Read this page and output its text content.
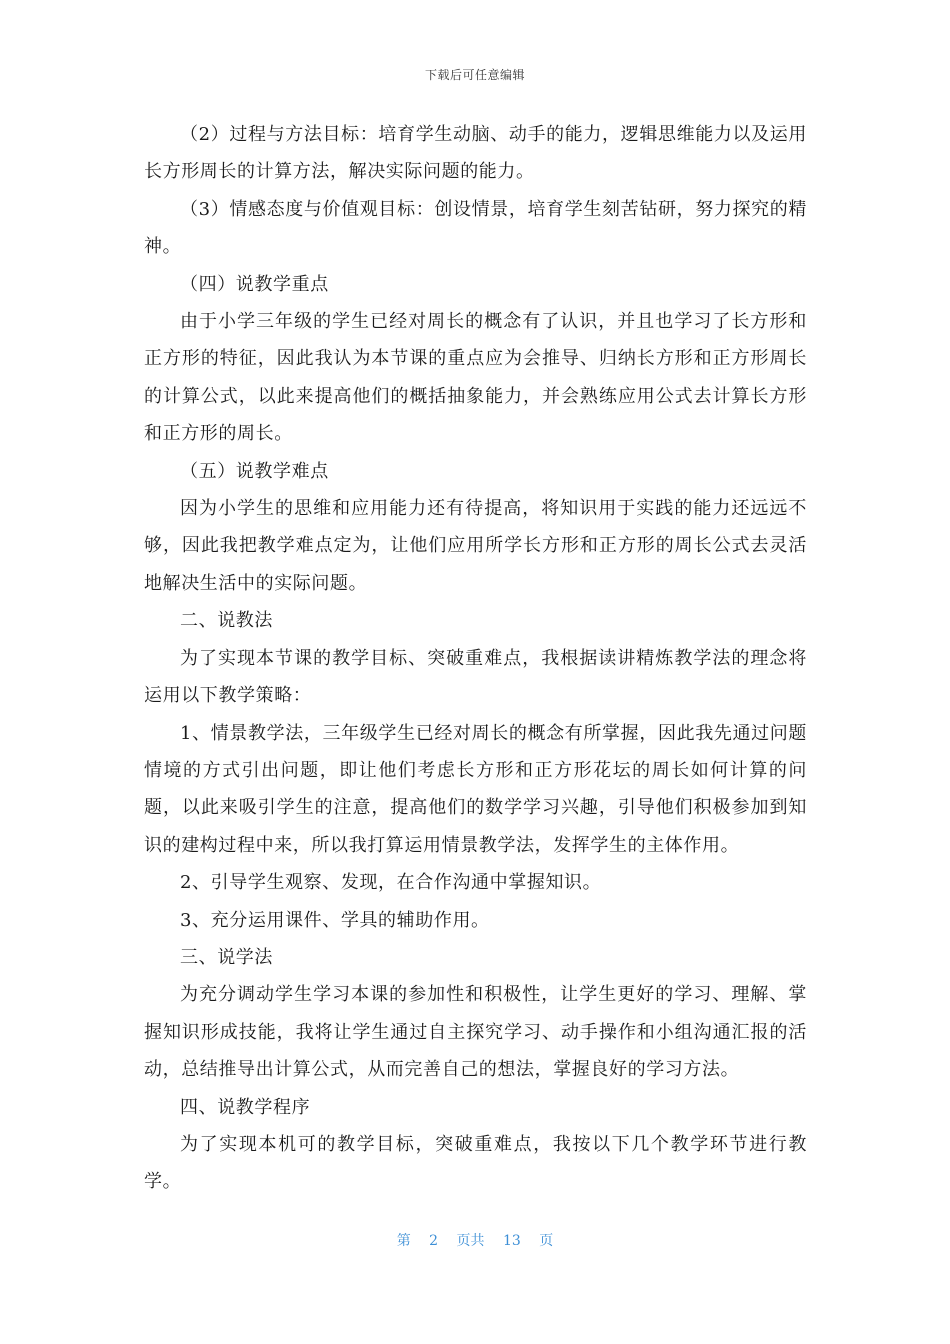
下载后可任意编辑

（2）过程与方法目标：培育学生动脑、动手的能力，逻辑思维能力以及运用长方形周长的计算方法，解决实际问题的能力。

（3）情感态度与价值观目标：创设情景，培育学生刻苦钻研，努力探究的精神。

（四）说教学重点

由于小学三年级的学生已经对周长的概念有了认识，并且也学习了长方形和正方形的特征，因此我认为本节课的重点应为会推导、归纳长方形和正方形周长的计算公式，以此来提高他们的概括抽象能力，并会熟练应用公式去计算长方形和正方形的周长。

（五）说教学难点

因为小学生的思维和应用能力还有待提高，将知识用于实践的能力还远远不够，因此我把教学难点定为，让他们应用所学长方形和正方形的周长公式去灵活地解决生活中的实际问题。

二、说教法

为了实现本节课的教学目标、突破重难点，我根据读讲精炼教学法的理念将运用以下教学策略：

1、情景教学法，三年级学生已经对周长的概念有所掌握，因此我先通过问题情境的方式引出问题，即让他们考虑长方形和正方形花坛的周长如何计算的问题，以此来吸引学生的注意，提高他们的数学学习兴趣，引导他们积极参加到知识的建构过程中来，所以我打算运用情景教学法，发挥学生的主体作用。

2、引导学生观察、发现，在合作沟通中掌握知识。

3、充分运用课件、学具的辅助作用。

三、说学法

为充分调动学生学习本课的参加性和积极性，让学生更好的学习、理解、掌握知识形成技能，我将让学生通过自主探究学习、动手操作和小组沟通汇报的活动，总结推导出计算公式，从而完善自己的想法，掌握良好的学习方法。

四、说教学程序

为了实现本机可的教学目标，突破重难点，我按以下几个教学环节进行教学。

第 2 页共 13 页
